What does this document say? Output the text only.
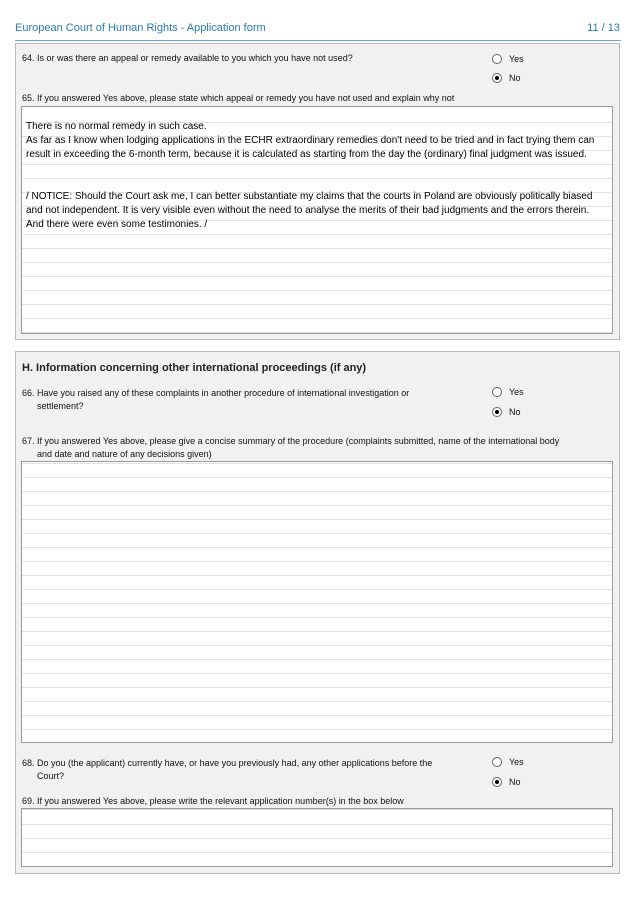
European Court of Human Rights - Application form	11 / 13
64. Is or was there an appeal or remedy available to you which you have not used?	Yes
No
65. If you answered Yes above, please state which appeal or remedy you have not used and explain why not
There is no normal remedy in such case.
As far as I know when lodging applications in the ECHR extraordinary remedies don't need to be tried and in fact trying them can result in exceeding the 6-month term, because it is calculated as starting from the day the (ordinary) final judgment was issued.

/ NOTICE: Should the Court ask me, I can better substantiate my claims that the courts in Poland are obviously politically biased and not independent. It is very visible even without the need to analyse the merits of their bad judgments and the errors therein. And there were even some testimonies. /
H. Information concerning other international proceedings (if any)
66. Have you raised any of these complaints in another procedure of international investigation or
settlement?
Yes
No
67. If you answered Yes above, please give a concise summary of the procedure (complaints submitted, name of the international body
and date and nature of any decisions given)
68. Do you (the applicant) currently have, or have you previously had, any other applications before the
Court?
Yes
No
69. If you answered Yes above, please write the relevant application number(s) in the box below
